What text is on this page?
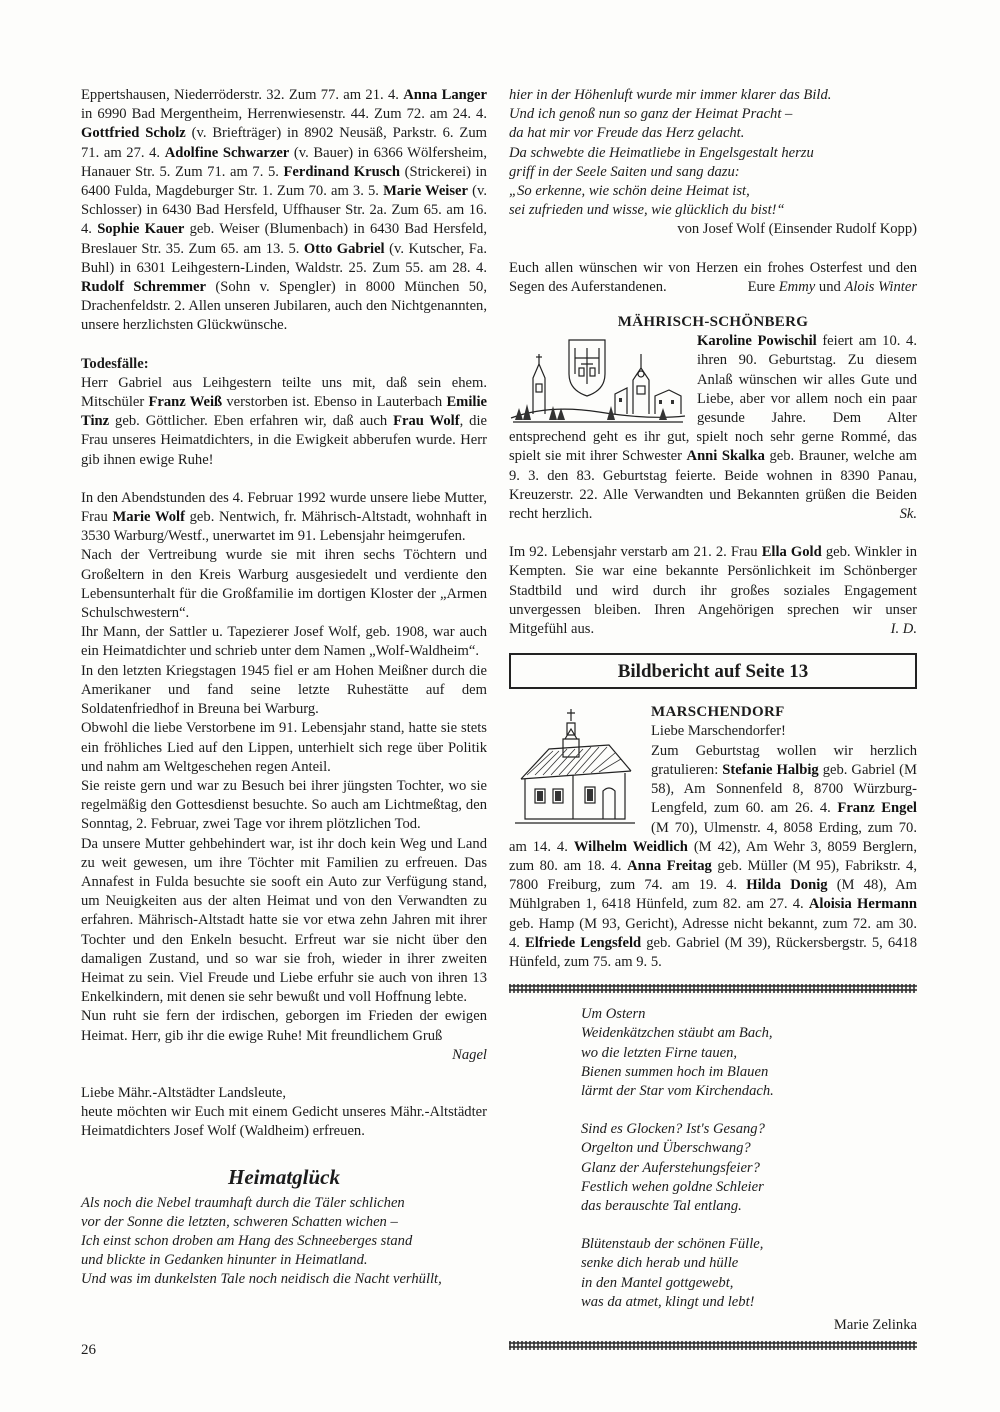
Eppertshausen, Niederröderstr. 32. Zum 77. am 21. 4. Anna Langer in 6990 Bad Mergentheim, Herrenwiesenstr. 44. Zum 72. am 24. 4. Gottfried Scholz (v. Briefträger) in 8902 Neusäß, Parkstr. 6. Zum 71. am 27. 4. Adolfine Schwarzer (v. Bauer) in 6366 Wölfersheim, Hanauer Str. 5. Zum 71. am 7. 5. Ferdinand Krusch (Strickerei) in 6400 Fulda, Magdeburger Str. 1. Zum 70. am 3. 5. Marie Weiser (v. Schlosser) in 6430 Bad Hersfeld, Uffhauser Str. 2a. Zum 65. am 16. 4. Sophie Kauer geb. Weiser (Blumenbach) in 6430 Bad Hersfeld, Breslauer Str. 35. Zum 65. am 13. 5. Otto Gabriel (v. Kutscher, Fa. Buhl) in 6301 Leihgestern-Linden, Waldstr. 25. Zum 55. am 28. 4. Rudolf Schremmer (Sohn v. Spengler) in 8000 München 50, Drachenfeldstr. 2. Allen unseren Jubilaren, auch den Nichtgenannten, unsere herzlichsten Glückwünsche.

Todesfälle:

Herr Gabriel aus Leihgestern teilte uns mit, daß sein ehem. Mitschüler Franz Weiß verstorben ist. Ebenso in Lauterbach Emilie Tinz geb. Göttlicher. Eben erfahren wir, daß auch Frau Wolf, die Frau unseres Heimatdichters, in die Ewigkeit abberufen wurde. Herr gib ihnen ewige Ruhe!

In den Abendstunden des 4. Februar 1992 wurde unsere liebe Mutter, Frau Marie Wolf geb. Nentwich, fr. Mährisch-Altstadt, wohnhaft in 3530 Warburg/Westf., unerwartet im 91. Lebensjahr heimgerufen.

Nach der Vertreibung wurde sie mit ihren sechs Töchtern und Großeltern in den Kreis Warburg ausgesiedelt und verdiente den Lebensunterhalt für die Großfamilie im dortigen Kloster der „Armen Schulschwestern“.

Ihr Mann, der Sattler u. Tapezierer Josef Wolf, geb. 1908, war auch ein Heimatdichter und schrieb unter dem Namen „Wolf-Waldheim“.

In den letzten Kriegstagen 1945 fiel er am Hohen Meißner durch die Amerikaner und fand seine letzte Ruhestätte auf dem Soldatenfriedhof in Breuna bei Warburg.

Obwohl die liebe Verstorbene im 91. Lebensjahr stand, hatte sie stets ein fröhliches Lied auf den Lippen, unterhielt sich rege über Politik und nahm am Weltgeschehen regen Anteil.

Sie reiste gern und war zu Besuch bei ihrer jüngsten Tochter, wo sie regelmäßig den Gottesdienst besuchte. So auch am Lichtmeßtag, den Sonntag, 2. Februar, zwei Tage vor ihrem plötzlichen Tod.

Da unsere Mutter gehbehindert war, ist ihr doch kein Weg und Land zu weit gewesen, um ihre Töchter mit Familien zu erfreuen. Das Annafest in Fulda besuchte sie sooft ein Auto zur Verfügung stand, um Neuigkeiten aus der alten Heimat und von den Verwandten zu erfahren. Mährisch-Altstadt hatte sie vor etwa zehn Jahren mit ihrer Tochter und den Enkeln besucht. Erfreut war sie nicht über den damaligen Zustand, und so war sie froh, wieder in ihrer zweiten Heimat zu sein. Viel Freude und Liebe erfuhr sie auch von ihren 13 Enkelkindern, mit denen sie sehr bewußt und voll Hoffnung lebte.

Nun ruht sie fern der irdischen, geborgen im Frieden der ewigen Heimat. Herr, gib ihr die ewige Ruhe! Mit freundlichem Gruß

Nagel
Liebe Mähr.-Altstädter Landsleute,
heute möchten wir Euch mit einem Gedicht unseres Mähr.-Altstädter Heimatdichters Josef Wolf (Waldheim) erfreuen.
Heimatglück
Als noch die Nebel traumhaft durch die Täler schlichen
vor der Sonne die letzten, schweren Schatten wichen –
Ich einst schon droben am Hang des Schneeberges stand
und blickte in Gedanken hinunter in Heimatland.
Und was im dunkelsten Tale noch neidisch die Nacht verhüllt,
hier in der Höhenluft wurde mir immer klarer das Bild.
Und ich genoß nun so ganz der Heimat Pracht –
da hat mir vor Freude das Herz gelacht.
Da schwebte die Heimatliebe in Engelsgestalt herzu
griff in der Seele Saiten und sang dazu:
„So erkenne, wie schön deine Heimat ist,
sei zufrieden und wisse, wie glücklich du bist!“
von Josef Wolf (Einsender Rudolf Kopp)

Euch allen wünschen wir von Herzen ein frohes Osterfest und den Segen des Auferstandenen.	Eure Emmy und Alois Winter

MÄHRISCH-SCHÖNBERG
Karoline Powischil feiert am 10. 4. ihren 90. Geburtstag. Zu diesem Anlaß wünschen wir alles Gute und Liebe, aber vor allem noch ein paar gesunde Jahre. Dem Alter entsprechend geht es ihr gut, spielt noch sehr gerne Rommé, das spielt sie mit ihrer Schwester Anni Skalka geb. Brauner, welche am 9. 3. den 83. Geburtstag feierte. Beide wohnen in 8390 Panau, Kreuzerstr. 22. Alle Verwandten und Bekannten grüßen die Beiden recht herzlich.	Sk.

Im 92. Lebensjahr verstarb am 21. 2. Frau Ella Gold geb. Winkler in Kempten. Sie war eine bekannte Persönlichkeit im Schönberger Stadtbild und wird durch ihr großes soziales Engagement unvergessen bleiben. Ihren Angehörigen sprechen wir unser Mitgefühl aus.	I. D.

Bildbericht auf Seite 13
MARSCHENDORF
Liebe Marschendorfer!
Zum Geburtstag wollen wir herzlich gratulieren: Stefanie Halbig geb. Gabriel (M 58), Am Sonnenfeld 8, 8700 Würzburg-Lengfeld, zum 60. am 26. 4. Franz Engel (M 70), Ulmenstr. 4, 8058 Erding, zum 70. am 14. 4. Wilhelm Weidlich (M 42), Am Wehr 3, 8059 Berglern, zum 80. am 18. 4. Anna Freitag geb. Müller (M 95), Fabrikstr. 4, 7800 Freiburg, zum 74. am 19. 4. Hilda Donig (M 48), Am Mühlgraben 1, 6418 Hünfeld, zum 82. am 27. 4. Aloisia Hermann geb. Hamp (M 93, Gericht), Adresse nicht bekannt, zum 72. am 30. 4. Elfriede Lengsfeld geb. Gabriel (M 39), Rückersbergstr. 5, 6418 Hünfeld, zum 75. am 9. 5.
Um Ostern
Weidenkätzchen stäubt am Bach,
wo die letzten Firne tauen,
Bienen summen hoch im Blauen
lärmt der Star vom Kirchendach.
Sind es Glocken? Ist's Gesang?
Orgelton und Überschwang?
Glanz der Auferstehungsfeier?
Festlich wehen goldne Schleier
das berauschte Tal entlang.
Blütenstaub der schönen Fülle,
senke dich herab und hülle
in den Mantel gottgewebt,
was da atmet, klingt und lebt!
Marie Zelinka
26
